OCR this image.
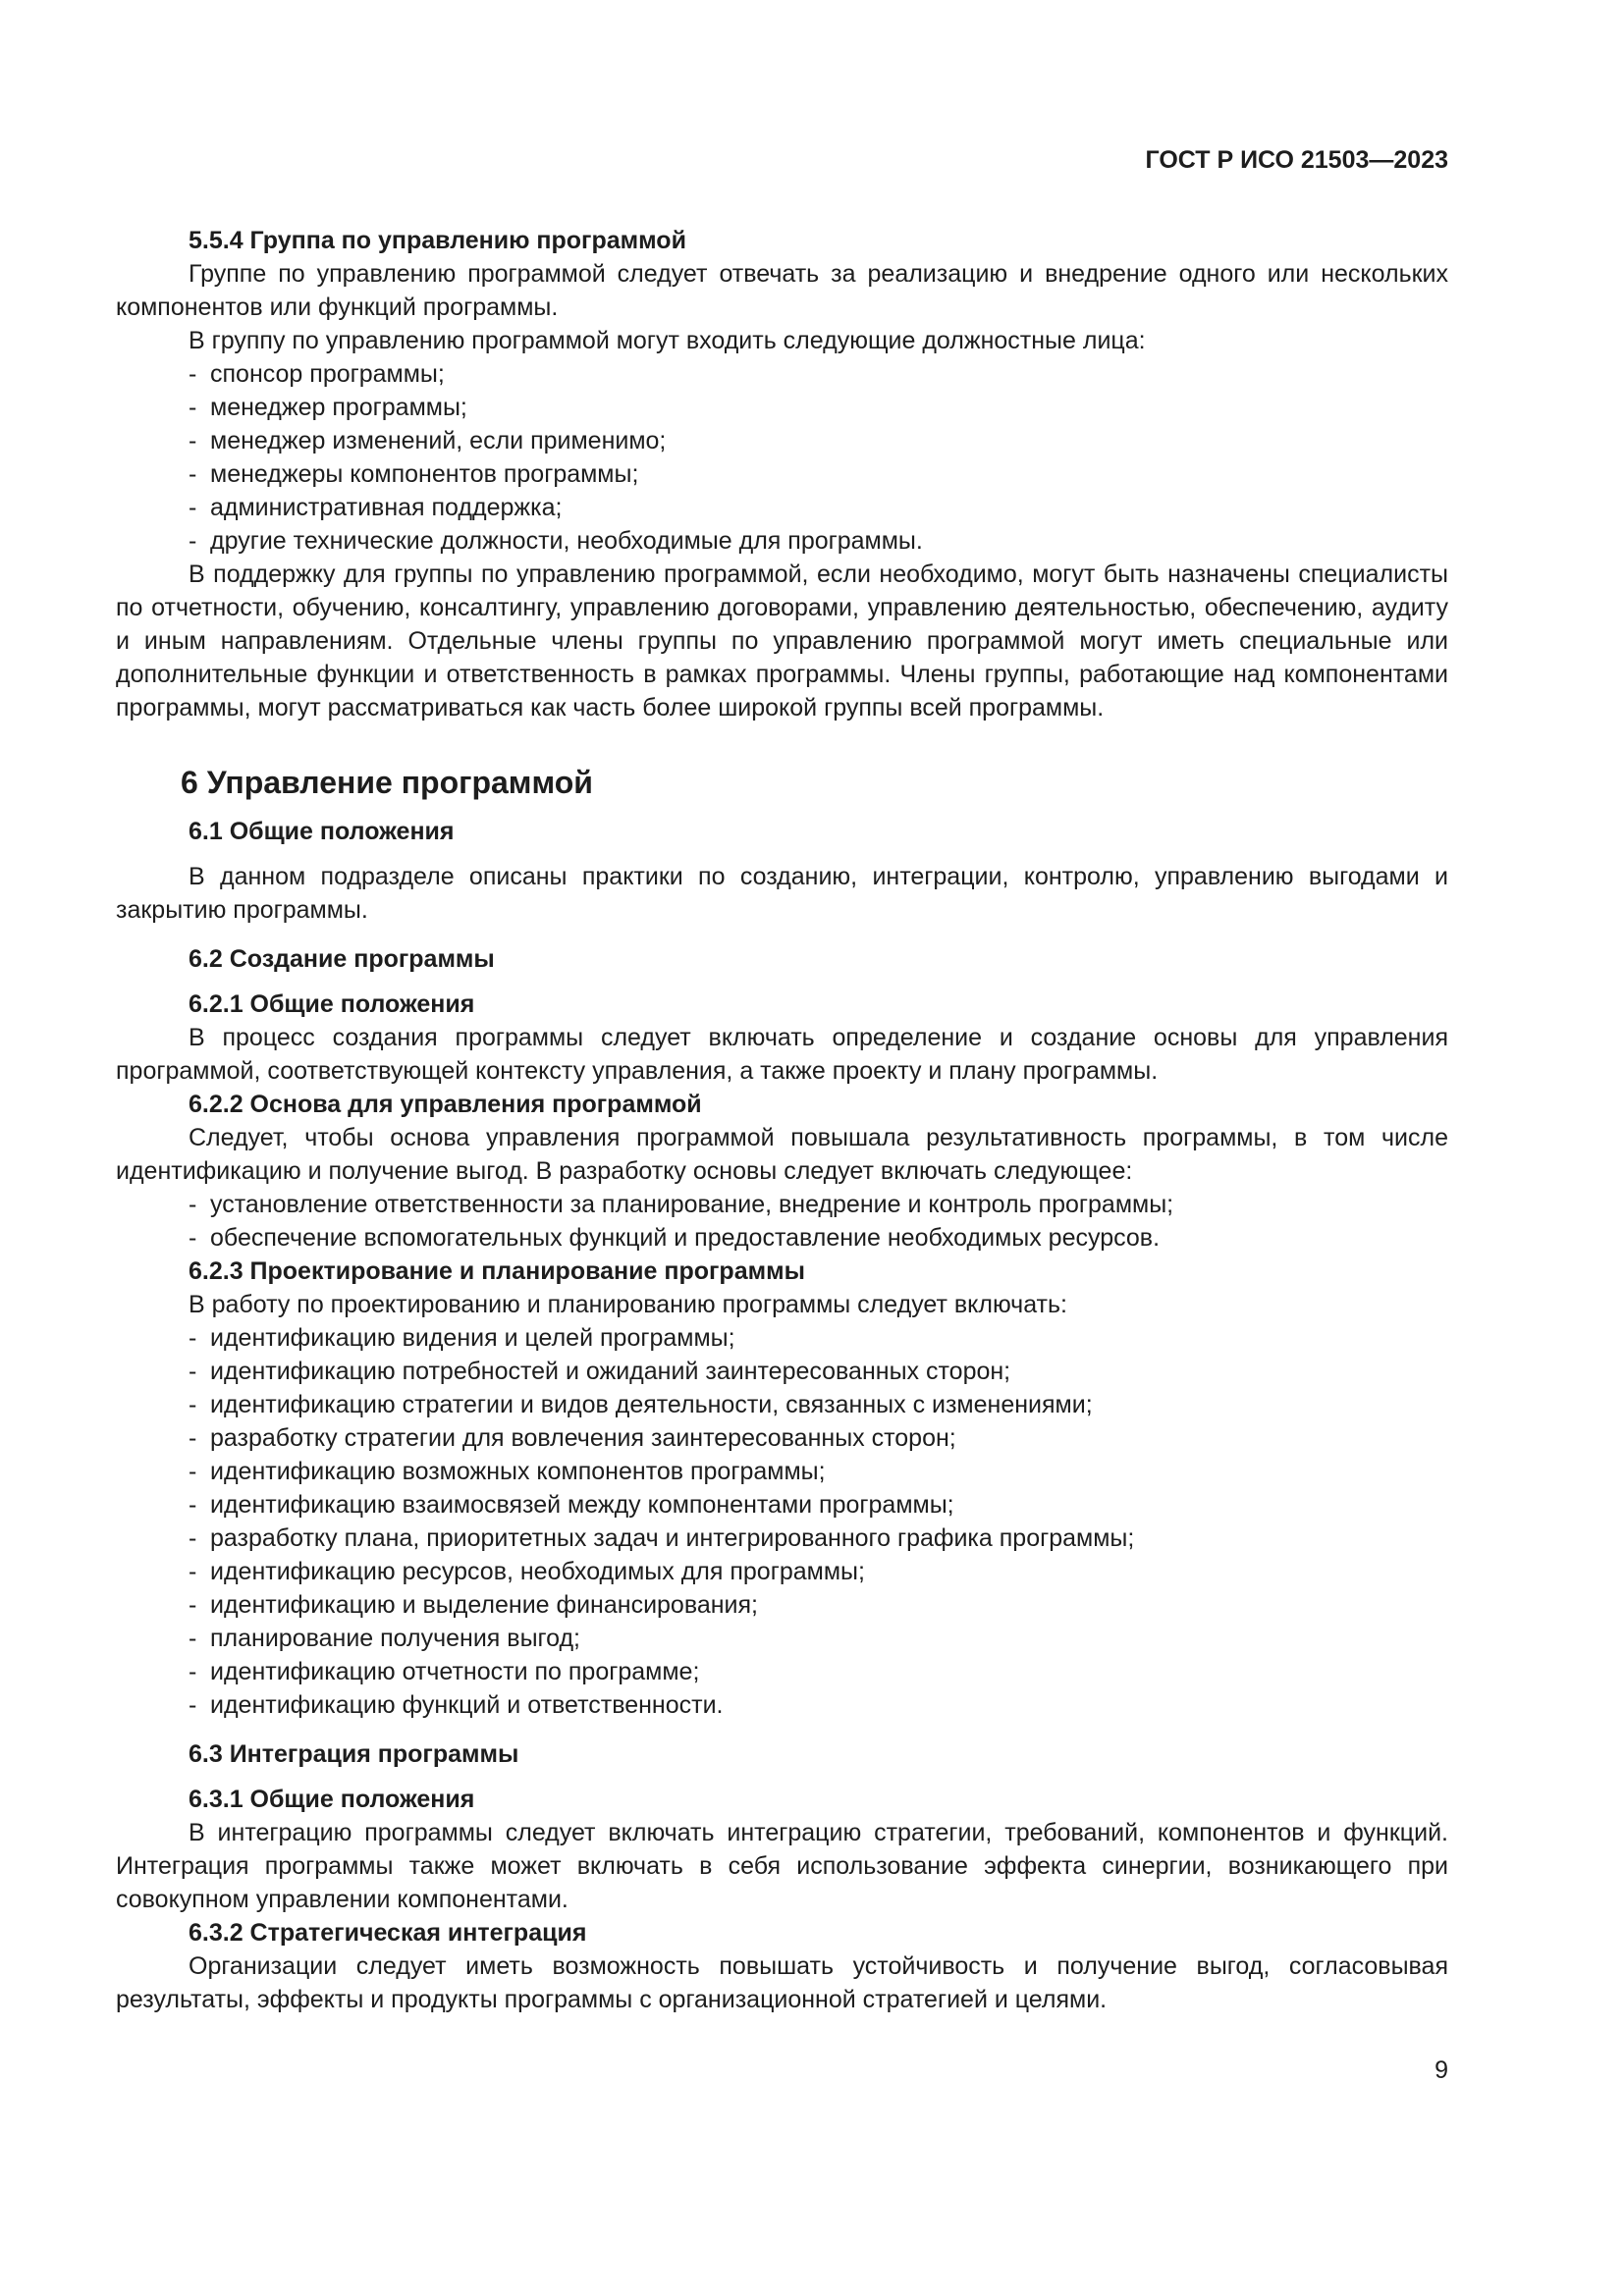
ГОСТ Р ИСО 21503—2023
5.5.4 Группа по управлению программой
Группе по управлению программой следует отвечать за реализацию и внедрение одного или нескольких компонентов или функций программы.
В группу по управлению программой могут входить следующие должностные лица:
- спонсор программы;
- менеджер программы;
- менеджер изменений, если применимо;
- менеджеры компонентов программы;
- административная поддержка;
- другие технические должности, необходимые для программы.
В поддержку для группы по управлению программой, если необходимо, могут быть назначены специалисты по отчетности, обучению, консалтингу, управлению договорами, управлению деятельностью, обеспечению, аудиту и иным направлениям. Отдельные члены группы по управлению программой могут иметь специальные или дополнительные функции и ответственность в рамках программы. Члены группы, работающие над компонентами программы, могут рассматриваться как часть более широкой группы всей программы.
6 Управление программой
6.1 Общие положения
В данном подразделе описаны практики по созданию, интеграции, контролю, управлению выгодами и закрытию программы.
6.2 Создание программы
6.2.1 Общие положения
В процесс создания программы следует включать определение и создание основы для управления программой, соответствующей контексту управления, а также проекту и плану программы.
6.2.2 Основа для управления программой
Следует, чтобы основа управления программой повышала результативность программы, в том числе идентификацию и получение выгод. В разработку основы следует включать следующее:
- установление ответственности за планирование, внедрение и контроль программы;
- обеспечение вспомогательных функций и предоставление необходимых ресурсов.
6.2.3 Проектирование и планирование программы
В работу по проектированию и планированию программы следует включать:
- идентификацию видения и целей программы;
- идентификацию потребностей и ожиданий заинтересованных сторон;
- идентификацию стратегии и видов деятельности, связанных с изменениями;
- разработку стратегии для вовлечения заинтересованных сторон;
- идентификацию возможных компонентов программы;
- идентификацию взаимосвязей между компонентами программы;
- разработку плана, приоритетных задач и интегрированного графика программы;
- идентификацию ресурсов, необходимых для программы;
- идентификацию и выделение финансирования;
- планирование получения выгод;
- идентификацию отчетности по программе;
- идентификацию функций и ответственности.
6.3 Интеграция программы
6.3.1 Общие положения
В интеграцию программы следует включать интеграцию стратегии, требований, компонентов и функций. Интеграция программы также может включать в себя использование эффекта синергии, возникающего при совокупном управлении компонентами.
6.3.2 Стратегическая интеграция
Организации следует иметь возможность повышать устойчивость и получение выгод, согласовывая результаты, эффекты и продукты программы с организационной стратегией и целями.
9
